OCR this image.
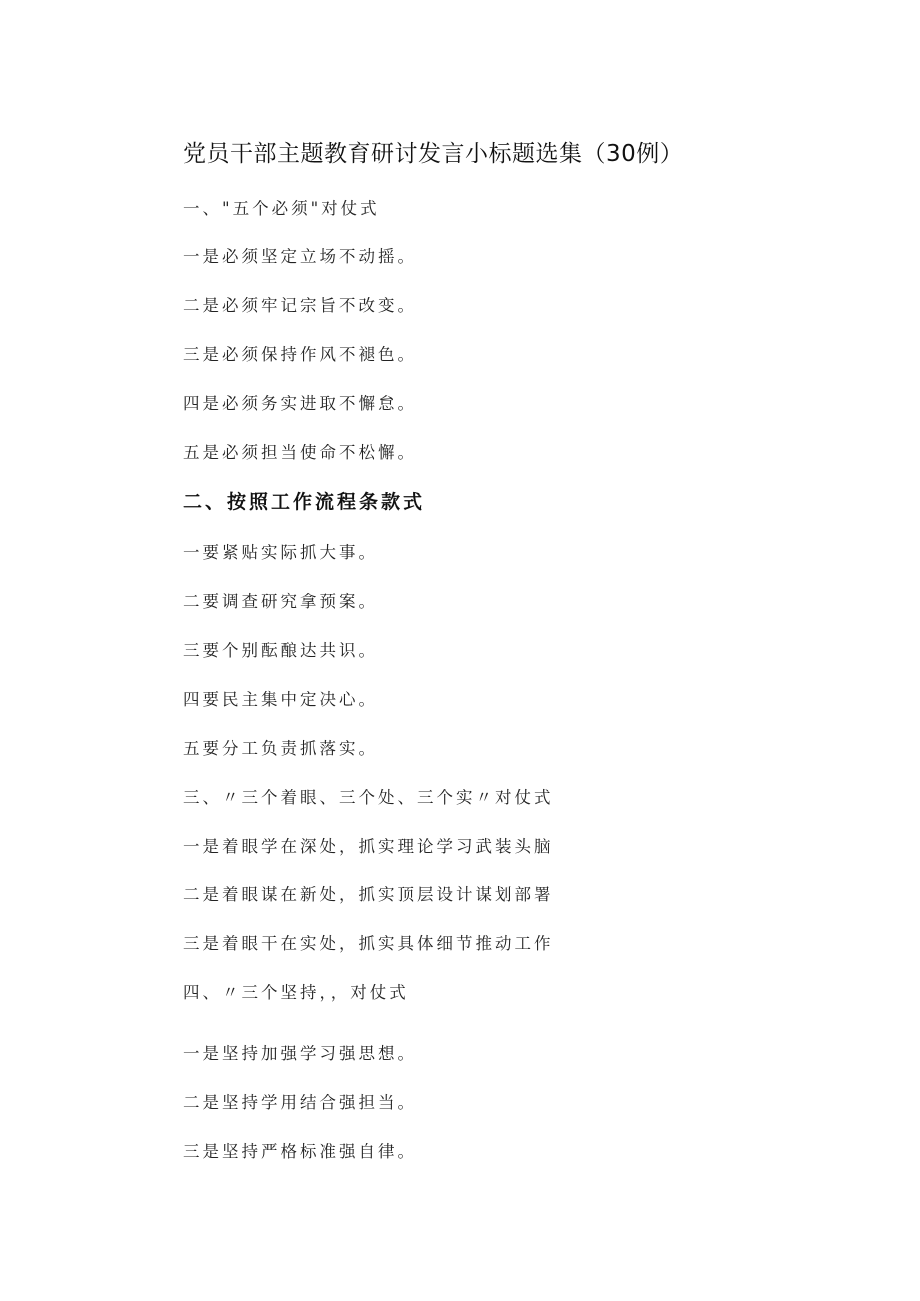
党员干部主题教育研讨发言小标题选集（30例）
一、"五个必须"对仗式
一是必须坚定立场不动摇。
二是必须牢记宗旨不改变。
三是必须保持作风不褪色。
四是必须务实进取不懈怠。
五是必须担当使命不松懈。
二、按照工作流程条款式
一要紧贴实际抓大事。
二要调查研究拿预案。
三要个别酝酿达共识。
四要民主集中定决心。
五要分工负责抓落实。
三、〃三个着眼、三个处、三个实〃对仗式
一是着眼学在深处，抓实理论学习武装头脑
二是着眼谋在新处，抓实顶层设计谋划部署
三是着眼干在实处，抓实具体细节推动工作
四、〃三个坚持，，对仗式
一是坚持加强学习强思想。
二是坚持学用结合强担当。
三是坚持严格标准强自律。
